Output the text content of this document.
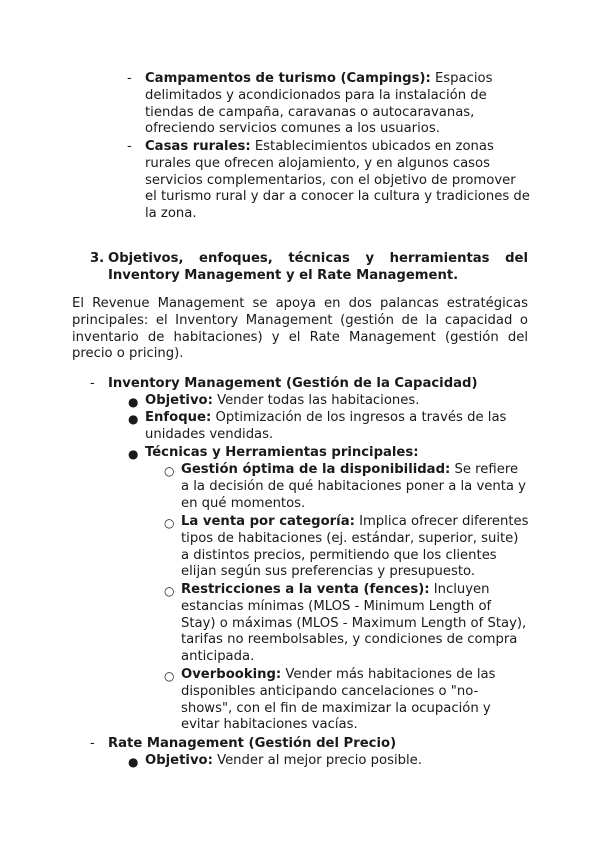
- Campamentos de turismo (Campings): Espacios delimitados y acondicionados para la instalación de tiendas de campaña, caravanas o autocaravanas, ofreciendo servicios comunes a los usuarios.
- Casas rurales: Establecimientos ubicados en zonas rurales que ofrecen alojamiento, y en algunos casos servicios complementarios, con el objetivo de promover el turismo rural y dar a conocer la cultura y tradiciones de la zona.
3. Objetivos, enfoques, técnicas y herramientas del Inventory Management y el Rate Management.
El Revenue Management se apoya en dos palancas estratégicas principales: el Inventory Management (gestión de la capacidad o inventario de habitaciones) y el Rate Management (gestión del precio o pricing).
- Inventory Management (Gestión de la Capacidad)
● Objetivo: Vender todas las habitaciones.
● Enfoque: Optimización de los ingresos a través de las unidades vendidas.
● Técnicas y Herramientas principales:
○ Gestión óptima de la disponibilidad: Se refiere a la decisión de qué habitaciones poner a la venta y en qué momentos.
○ La venta por categoría: Implica ofrecer diferentes tipos de habitaciones (ej. estándar, superior, suite) a distintos precios, permitiendo que los clientes elijan según sus preferencias y presupuesto.
○ Restricciones a la venta (fences): Incluyen estancias mínimas (MLOS - Minimum Length of Stay) o máximas (MLOS - Maximum Length of Stay), tarifas no reembolsables, y condiciones de compra anticipada.
○ Overbooking: Vender más habitaciones de las disponibles anticipando cancelaciones o "no-shows", con el fin de maximizar la ocupación y evitar habitaciones vacías.
- Rate Management (Gestión del Precio)
● Objetivo: Vender al mejor precio posible.
